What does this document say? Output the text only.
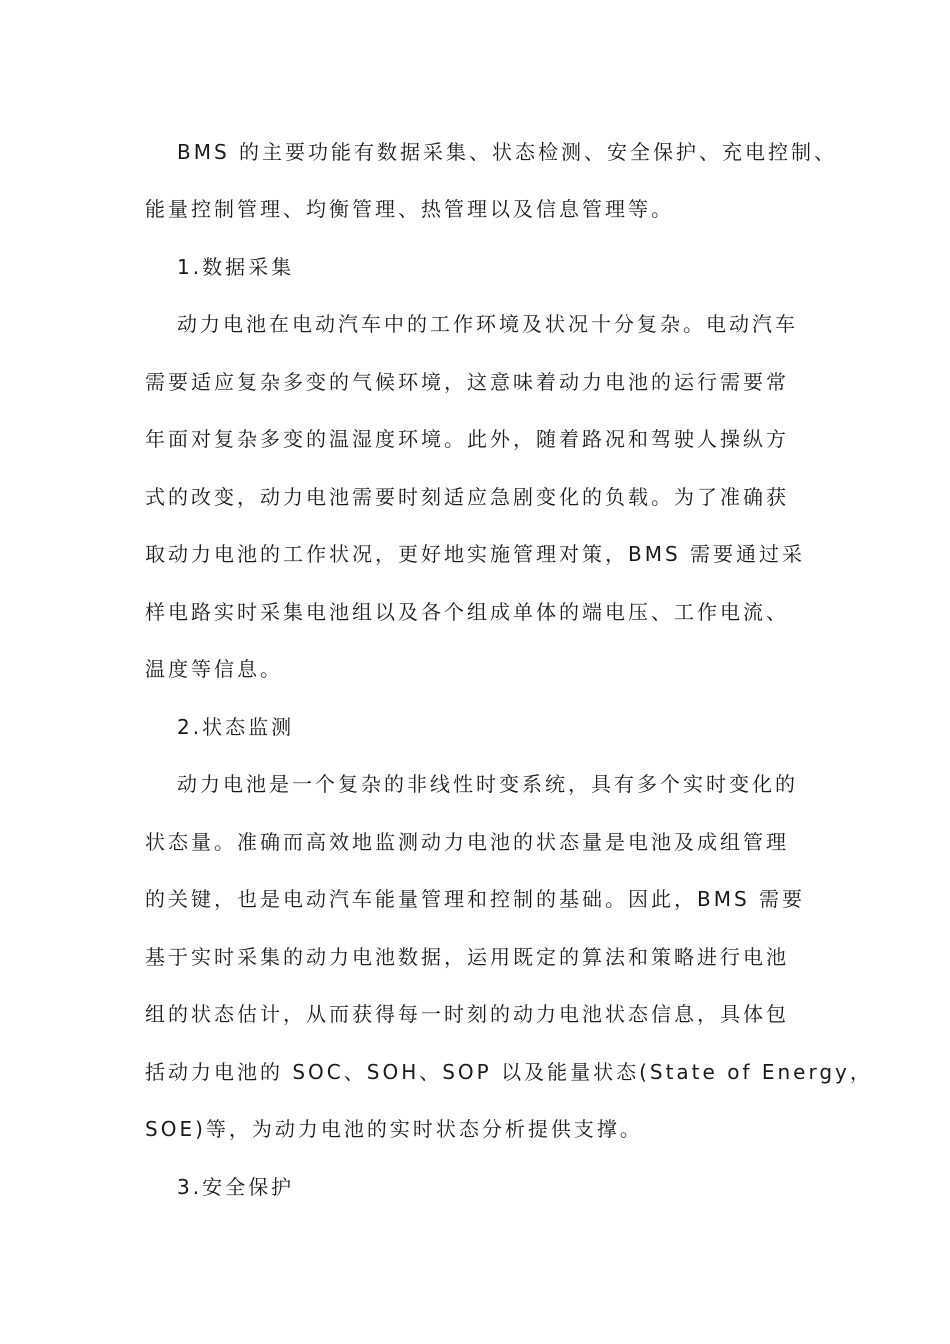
BMS 的主要功能有数据采集、状态检测、安全保护、充电控制、
能量控制管理、均衡管理、热管理以及信息管理等。
1.数据采集
动力电池在电动汽车中的工作环境及状况十分复杂。电动汽车
需要适应复杂多变的气候环境，这意味着动力电池的运行需要常
年面对复杂多变的温湿度环境。此外，随着路况和驾驶人操纵方
式的改变，动力电池需要时刻适应急剧变化的负载。为了准确获
取动力电池的工作状况，更好地实施管理对策，BMS 需要通过采
样电路实时采集电池组以及各个组成单体的端电压、工作电流、
温度等信息。
2.状态监测
动力电池是一个复杂的非线性时变系统，具有多个实时变化的
状态量。准确而高效地监测动力电池的状态量是电池及成组管理
的关键，也是电动汽车能量管理和控制的基础。因此，BMS 需要
基于实时采集的动力电池数据，运用既定的算法和策略进行电池
组的状态估计，从而获得每一时刻的动力电池状态信息，具体包
括动力电池的 SOC、SOH、SOP 以及能量状态(State of Energy，
SOE)等，为动力电池的实时状态分析提供支撑。
3.安全保护
